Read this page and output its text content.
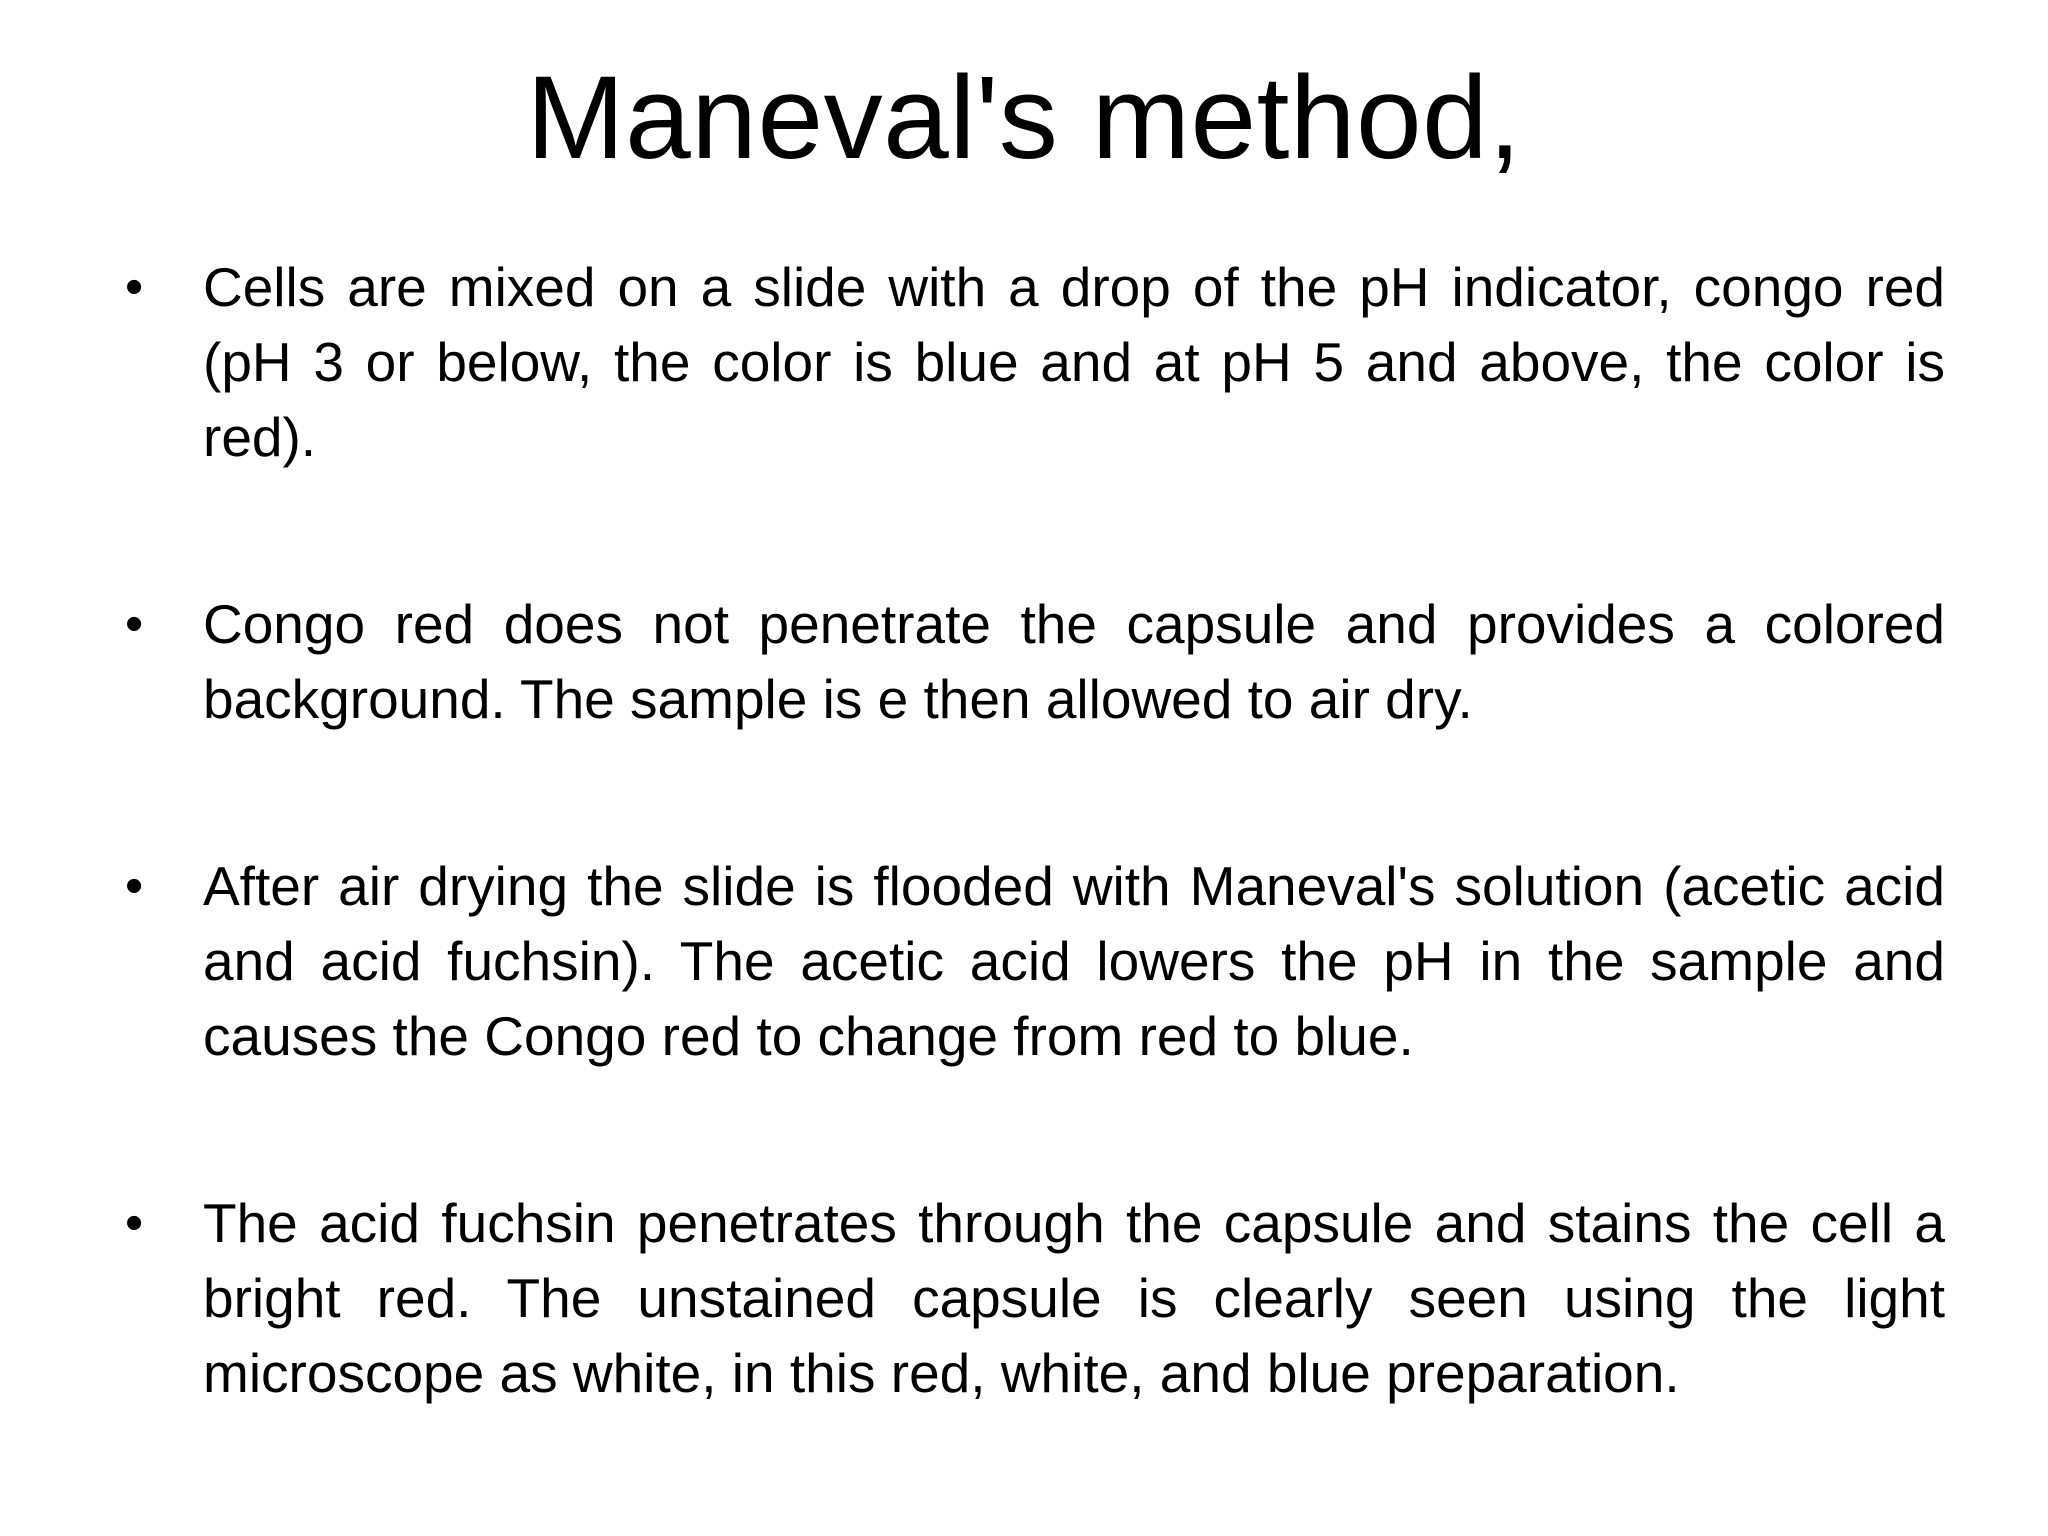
Maneval's method,
•	Cells are mixed on a slide with a drop of the pH indicator, congo red (pH 3 or below, the color is blue and at pH 5 and above, the color is red).
•	Congo red does not penetrate the capsule and provides a colored background. The sample is e then allowed to air dry.
•	After air drying the slide is flooded with Maneval's solution (acetic acid and acid fuchsin). The acetic acid lowers the pH in the sample and causes the Congo red to change from red to blue.
•	The acid fuchsin penetrates through the capsule and stains the cell a bright red. The unstained capsule is clearly seen using the light microscope as white, in this red, white, and blue preparation.
